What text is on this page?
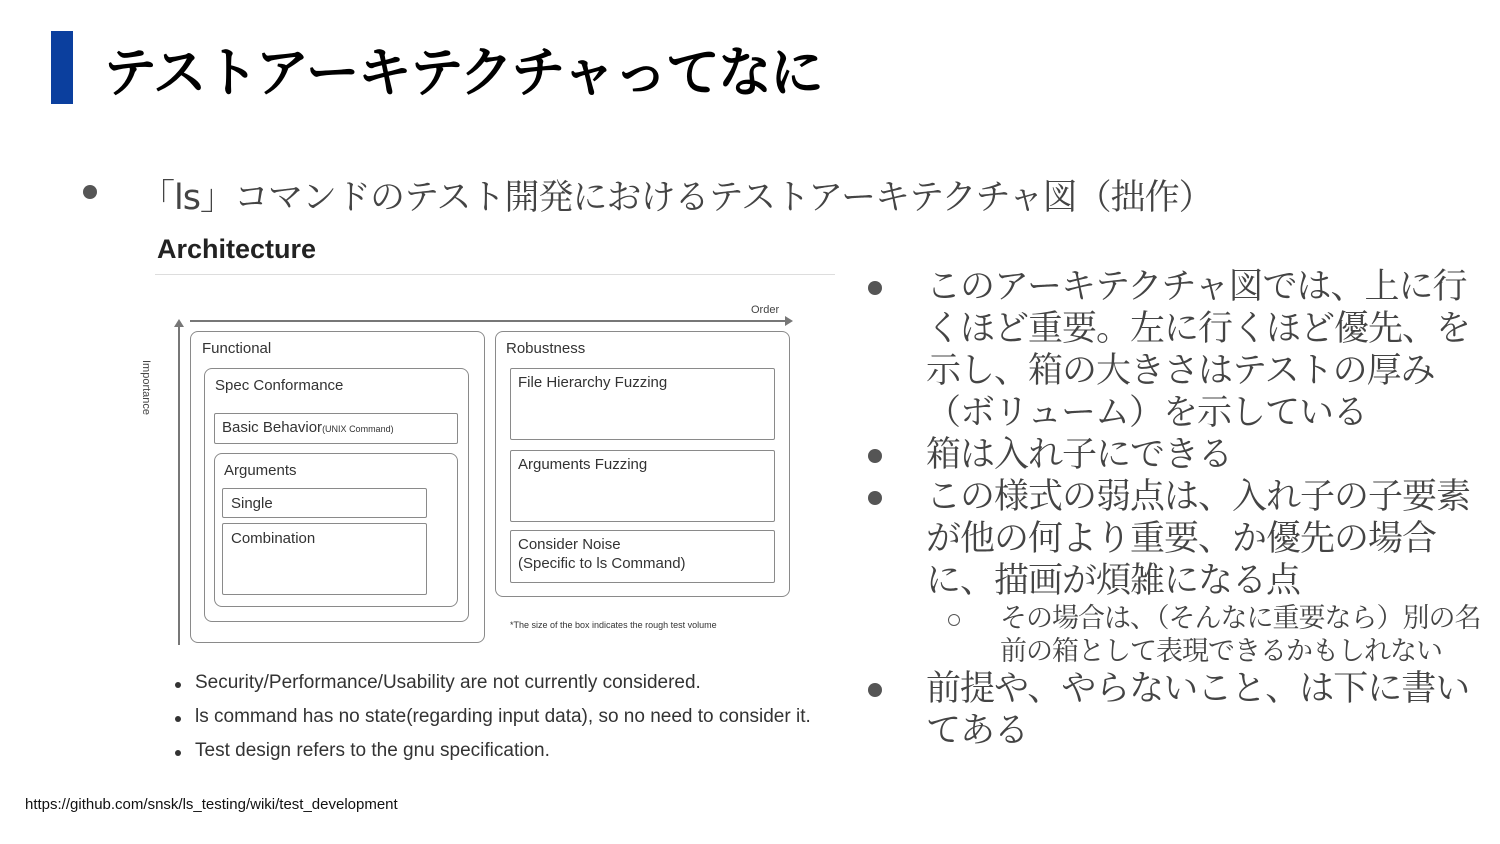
テストアーキテクチャってなに
「ls」コマンドのテスト開発におけるテストアーキテクチャ図（拙作）
Architecture
Order
Importance
Functional
Spec Conformance
Basic Behavior(UNIX Command)
Arguments
Single
Combination
Robustness
File Hierarchy Fuzzing
Arguments Fuzzing
Consider Noise
(Specific to ls Command)
*The size of the box indicates the rough test volume
Security/Performance/Usability are not currently considered.
ls command has no state(regarding input data), so no need to consider it.
Test design refers to the gnu specification.
このアーキテクチャ図では、上に行くほど重要。左に行くほど優先、を示し、箱の大きさはテストの厚み（ボリューム）を示している
箱は入れ子にできる
この様式の弱点は、入れ子の子要素が他の何より重要、か優先の場合に、描画が煩雑になる点
その場合は、（そんなに重要なら）別の名前の箱として表現できるかもしれない
前提や、やらないこと、は下に書いてある
https://github.com/snsk/ls_testing/wiki/test_development
